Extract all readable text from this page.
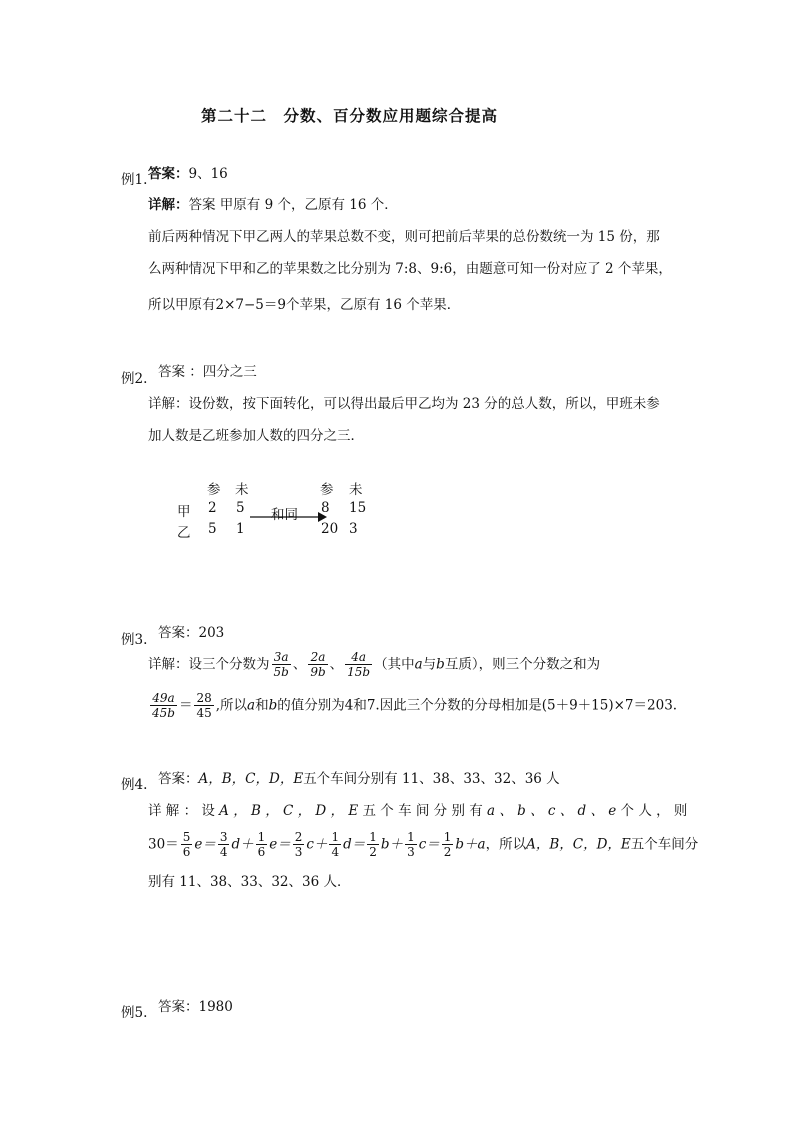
第二十二　分数、百分数应用题综合提高
例1. 答案：9、16
详解：答案 甲原有 9 个，乙原有 16 个．
前后两种情况下甲乙两人的苹果总数不变，则可把前后苹果的总份数统一为 15 份，那
么两种情况下甲和乙的苹果数之比分别为 7:8、9:6，由题意可知一份对应了 2 个苹果，
所以甲原有2×7−5＝9个苹果，乙原有 16 个苹果．
例2. 答案 ：四分之三
详解：设份数，按下面转化，可以得出最后甲乙均为 23 分的总人数，所以，甲班未参
加人数是乙班参加人数的四分之三．
参 未	参 未
甲 2 5	8 15
乙 5 1	20 3
和同
例3. 答案：203
详解：设三个分数为 $\frac{3a}{5b}$ 、 $\frac{2a}{9b}$ 、 $\frac{4a}{15b}$ （其中a与b互质），则三个分数之和为
$\frac{49a}{45b} = \frac{28}{45}$ ,所以a和b的值分别为4和7.因此三个分数的分母相加是(5＋9＋15)×7＝203.
例4. 答案：A，B，C，D，E五个车间分别有 11、38、33、32、36 人
详 解 ： 设 A ， B ， C ， D ， E 五 个 车 间 分 别 有 a 、 b 、 c 、 d 、 e 个 人 ， 则
$30= \frac{5}{6} e= \frac{3}{4} d+ \frac{1}{6} e= \frac{2}{3} c+ \frac{1}{4} d= \frac{1}{2} b+ \frac{1}{3} c= \frac{1}{2} b+a$，所以A，B，C，D，E五个车间分
别有 11、38、33、32、36 人．
例5. 答案：1980
